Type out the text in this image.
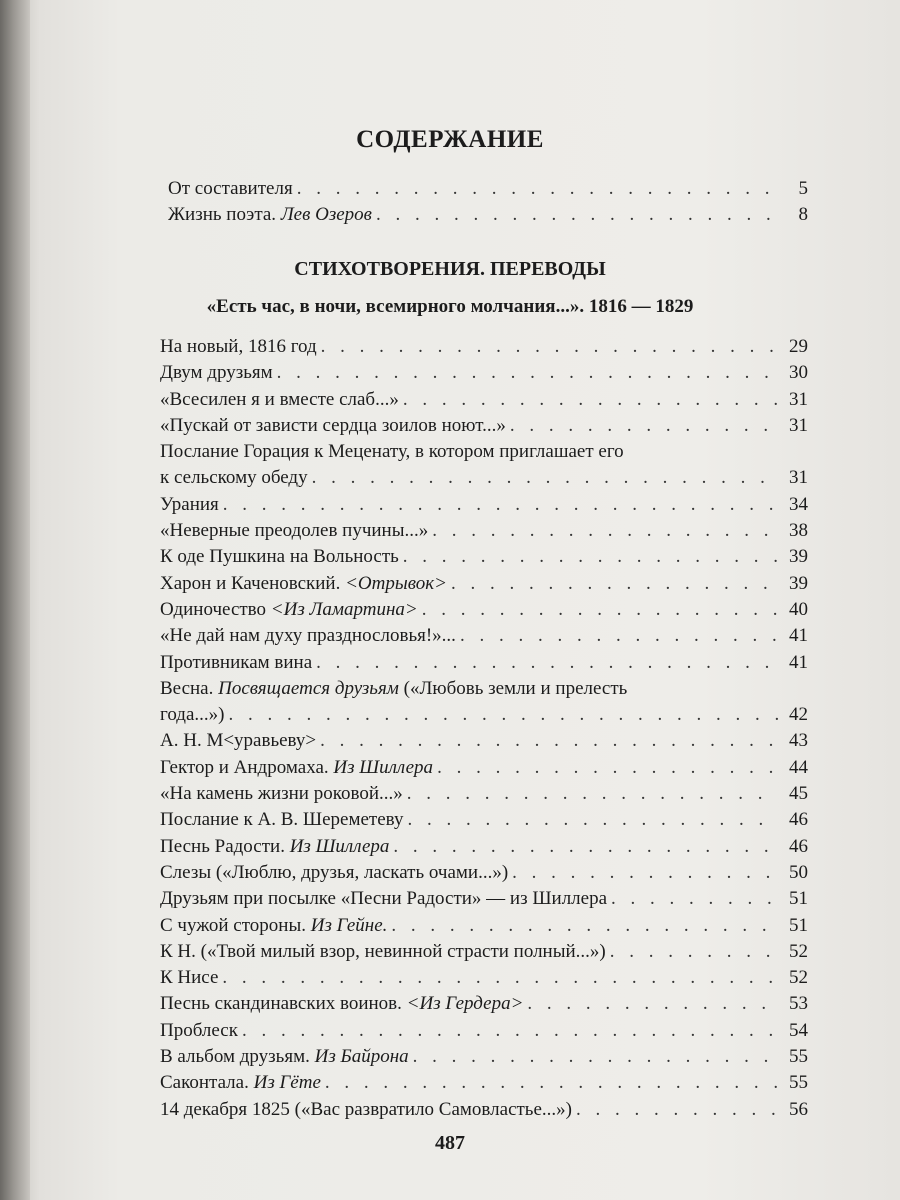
СОДЕРЖАНИЕ
От составителя . . .	5
Жизнь поэта. Лев Озеров . . .	8
СТИХОТВОРЕНИЯ. ПЕРЕВОДЫ
«Есть час, в ночи, всемирного молчания...». 1816 — 1829
На новый, 1816 год . . .	29
Двум друзьям . . .	30
«Всесилен я и вместе слаб...» . . .	31
«Пускай от зависти сердца зоилов ноют...» . . .	31
Послание Горация к Меценату, в котором приглашает его
к сельскому обеду . . .	31
Урания . . .	34
«Неверные преодолев пучины...» . . .	38
К оде Пушкина на Вольность . . .	39
Харон и Каченовский. <Отрывок> . . .	39
Одиночество <Из Ламартина> . . .	40
«Не дай нам духу празднословья!»... . . .	41
Противникам вина . . .	41
Весна. Посвящается друзьям («Любовь земли и прелесть
года...») . . .	42
А. Н. М<уравьеву> . . .	43
Гектор и Андромаха. Из Шиллера . . .	44
«На камень жизни роковой...» . . .	45
Послание к А. В. Шереметеву . . .	46
Песнь Радости. Из Шиллера . . .	46
Слезы («Люблю, друзья, ласкать очами...») . . .	50
Друзьям при посылке «Песни Радости» — из Шиллера . . .	51
С чужой стороны. Из Гейне. . . .	51
К Н. («Твой милый взор, невинной страсти полный...») . . .	52
К Нисе . . .	52
Песнь скандинавских воинов. <Из Гердера> . . .	53
Проблеск . . .	54
В альбом друзьям. Из Байрона . . .	55
Саконтала. Из Гёте . . .	55
14 декабря 1825 («Вас развратило Самовластье...») . . .	56
487
